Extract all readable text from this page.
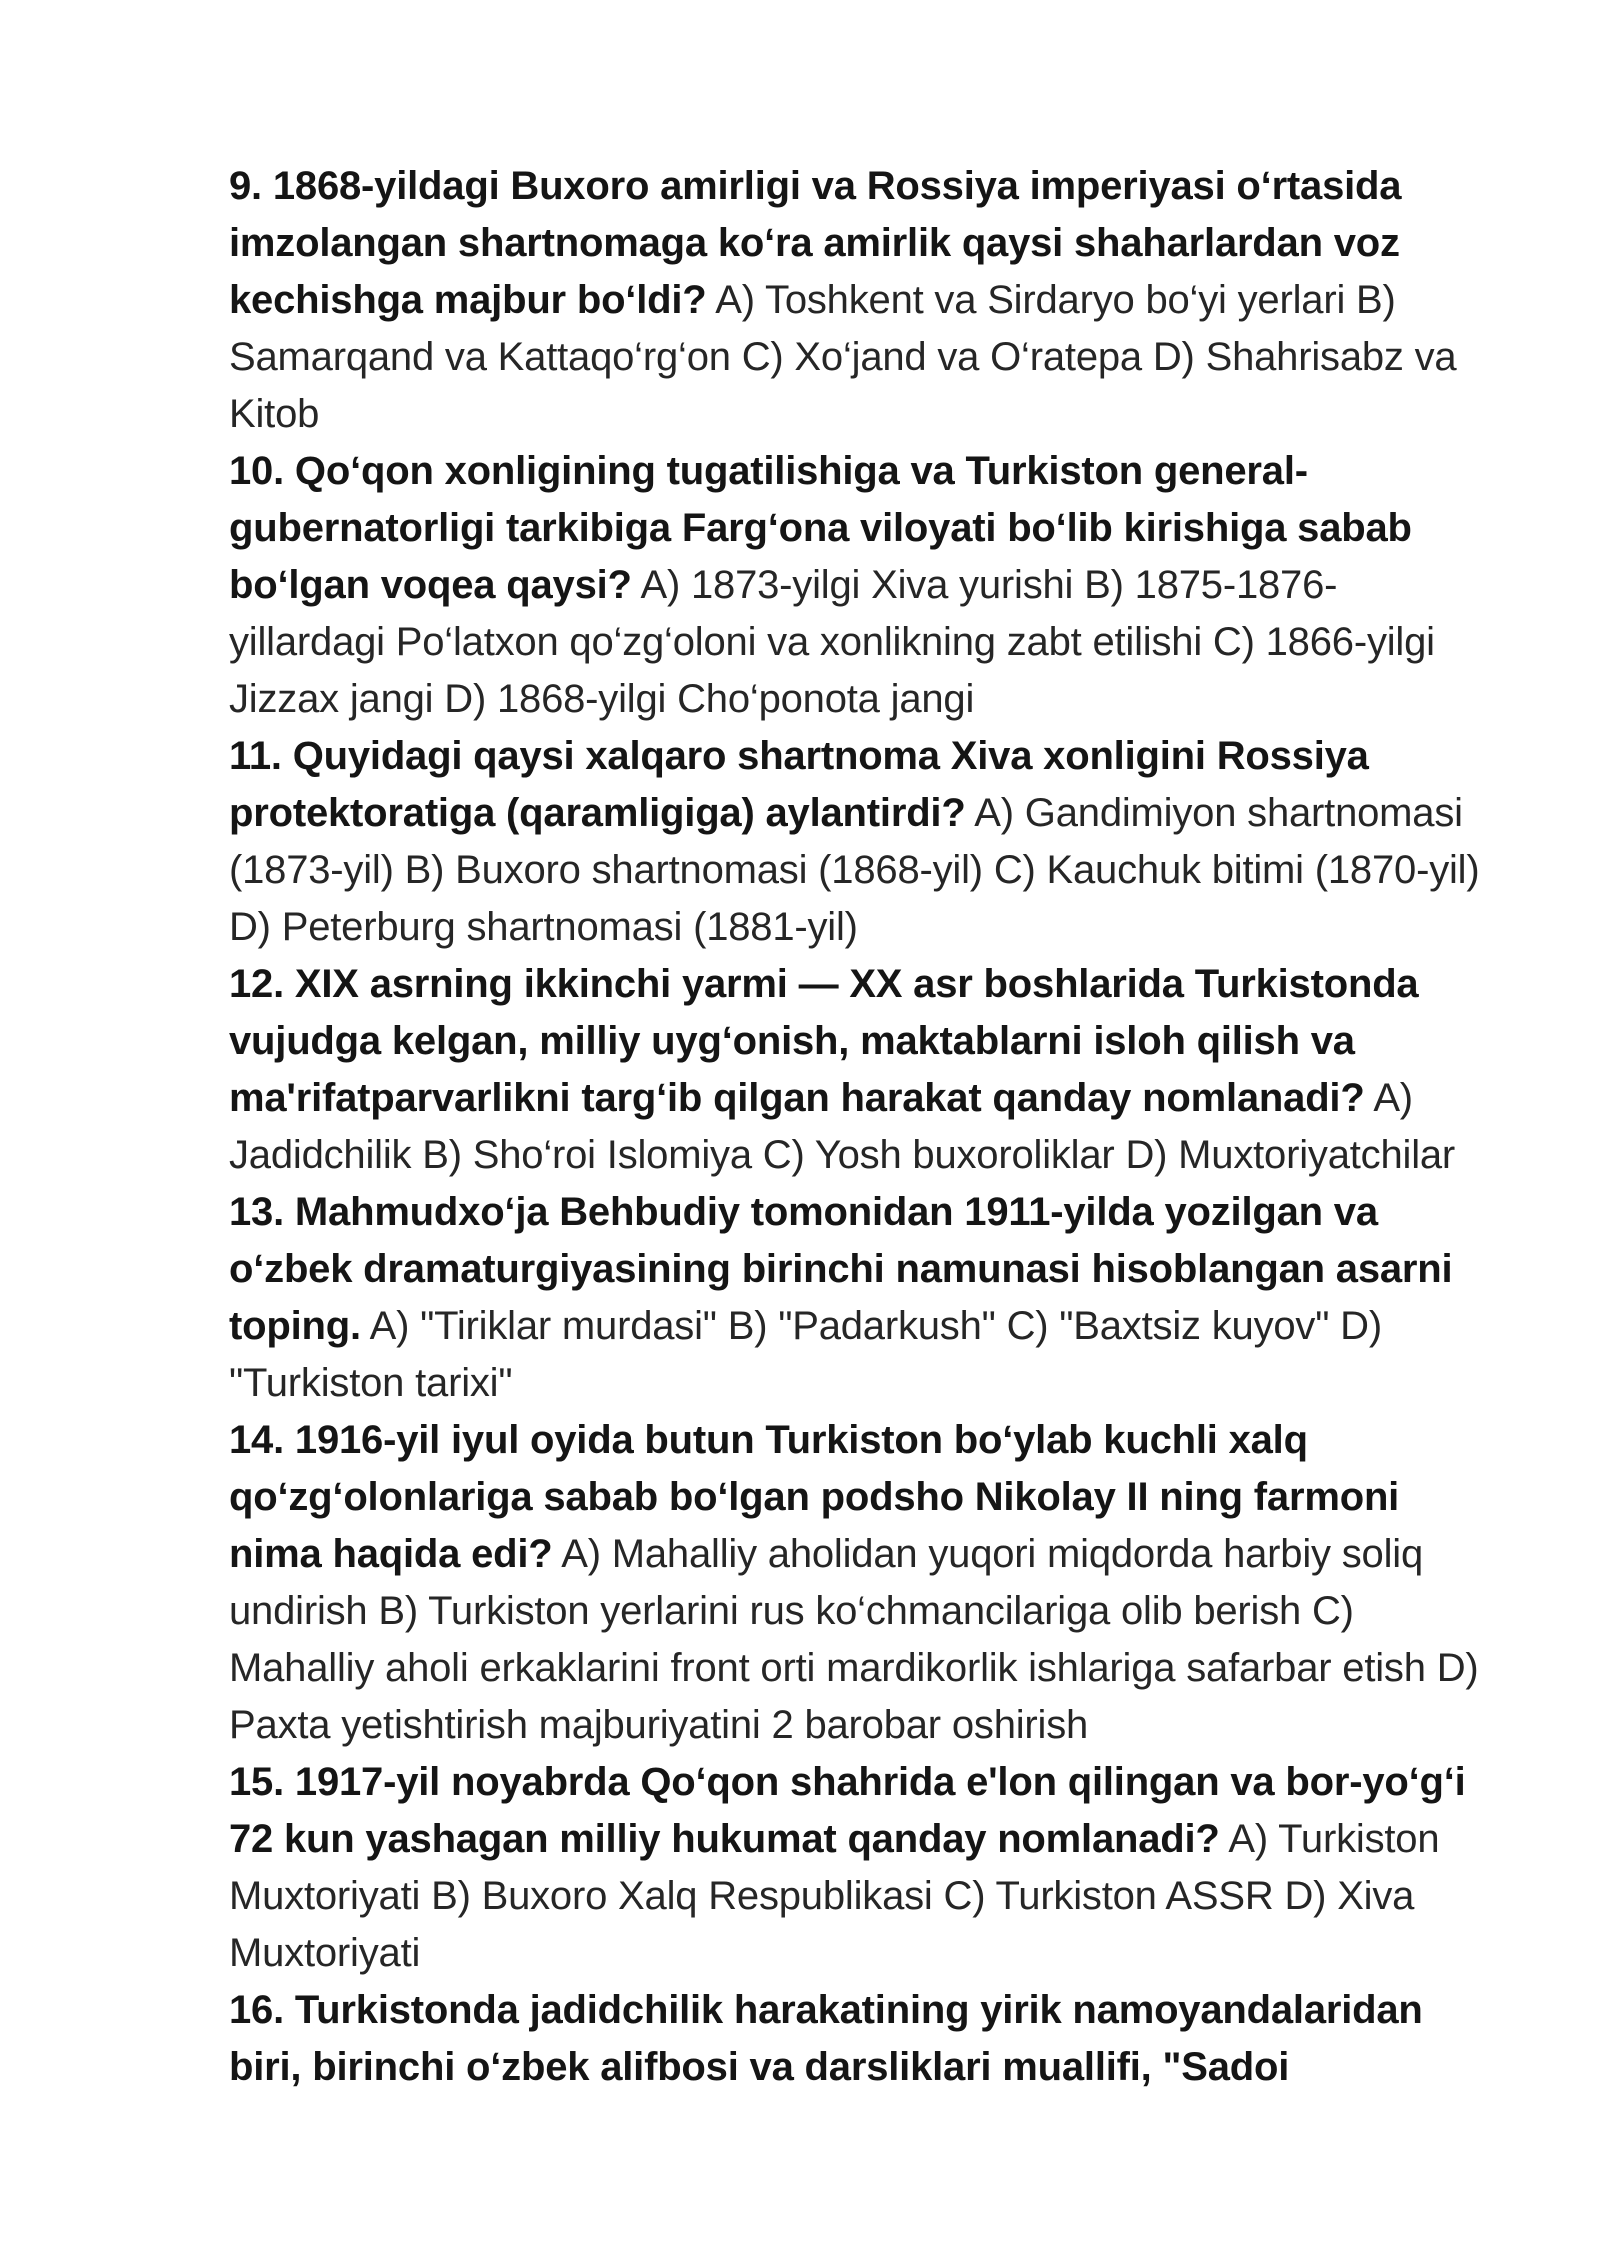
9. 1868-yildagi Buxoro amirligi va Rossiya imperiyasi o‘rtasida imzolangan shartnomaga ko‘ra amirlik qaysi shaharlardan voz kechishga majbur bo‘ldi? A) Toshkent va Sirdaryo bo‘yi yerlari B) Samarqand va Kattaqo‘rg‘on C) Xo‘jand va O‘ratepa D) Shahrisabz va Kitob

10. Qo‘qon xonligining tugatilishiga va Turkiston general-gubernatorligi tarkibiga Farg‘ona viloyati bo‘lib kirishiga sabab bo‘lgan voqea qaysi? A) 1873-yilgi Xiva yurishi B) 1875-1876-yillardagi Po‘latxon qo‘zg‘oloni va xonlikning zabt etilishi C) 1866-yilgi Jizzax jangi D) 1868-yilgi Cho‘ponota jangi

11. Quyidagi qaysi xalqaro shartnoma Xiva xonligini Rossiya protektoratiga (qaramligiga) aylantirdi? A) Gandimiyon shartnomasi (1873-yil) B) Buxoro shartnomasi (1868-yil) C) Kauchuk bitimi (1870-yil) D) Peterburg shartnomasi (1881-yil)

12. XIX asrning ikkinchi yarmi — XX asr boshlarida Turkistonda vujudga kelgan, milliy uyg‘onish, maktablarni isloh qilish va ma'rifatparvarlikni targ‘ib qilgan harakat qanday nomlanadi? A) Jadidchilik B) Sho‘roi Islomiya C) Yosh buxoroliklar D) Muxtoriyatchilar

13. Mahmudxo‘ja Behbudiy tomonidan 1911-yilda yozilgan va o‘zbek dramaturgiyasining birinchi namunasi hisoblangan asarni toping. A) "Tiriklar murdasi" B) "Padarkush" C) "Baxtsiz kuyov" D) "Turkiston tarixi"

14. 1916-yil iyul oyida butun Turkiston bo‘ylab kuchli xalq qo‘zg‘olonlariga sabab bo‘lgan podsho Nikolay II ning farmoni nima haqida edi? A) Mahalliy aholidan yuqori miqdorda harbiy soliq undirish B) Turkiston yerlarini rus ko‘chmancilariga olib berish C) Mahalliy aholi erkaklarini front orti mardikorlik ishlariga safarbar etish D) Paxta yetishtirish majburiyatini 2 barobar oshirish

15. 1917-yil noyabrda Qo‘qon shahrida e'lon qilingan va bor-yo‘g‘i 72 kun yashagan milliy hukumat qanday nomlanadi? A) Turkiston Muxtoriyati B) Buxoro Xalq Respublikasi C) Turkiston ASSR D) Xiva Muxtoriyati

16. Turkistonda jadidchilik harakatining yirik namoyandalaridan biri, birinchi o‘zbek alifbosi va darsliklari muallifi, "Sadoi
